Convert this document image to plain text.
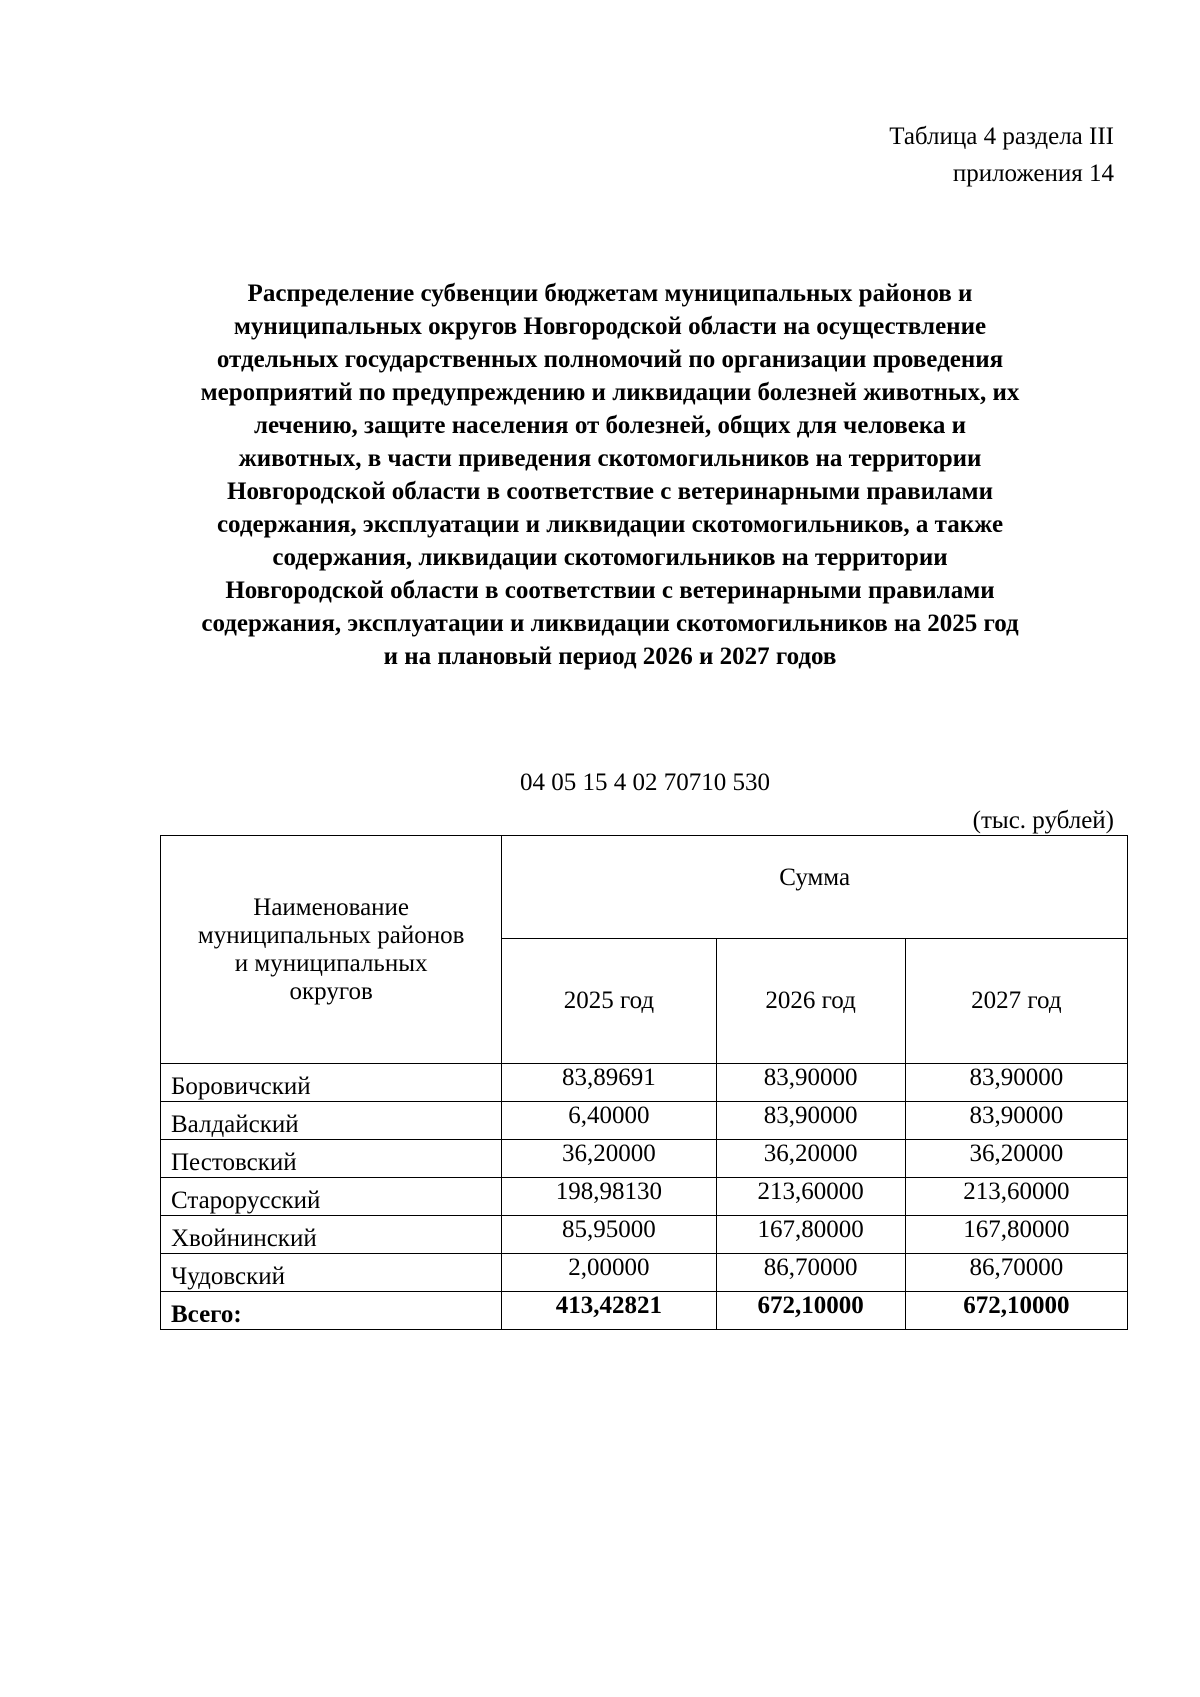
Таблица 4 раздела III
приложения 14
Распределение субвенции бюджетам муниципальных районов и
муниципальных округов Новгородской области на осуществление
отдельных государственных полномочий по организации проведения
мероприятий по предупреждению и ликвидации болезней животных, их
лечению, защите населения от болезней, общих для человека и
животных, в части приведения скотомогильников на территории
Новгородской области в соответствие с ветеринарными правилами
содержания, эксплуатации и ликвидации скотомогильников, а также
содержания, ликвидации скотомогильников на территории
Новгородской области в соответствии с ветеринарными правилами
содержания, эксплуатации и ликвидации скотомогильников на 2025 год
и на плановый период 2026 и 2027 годов
04 05 15 4 02 70710 530
(тыс. рублей)
Наименование
муниципальных районов
и муниципальных
округов	Сумма		
	2025 год	2026 год	2027 год
Боровичский	83,89691	83,90000	83,90000
Валдайский	6,40000	83,90000	83,90000
Пестовский	36,20000	36,20000	36,20000
Старорусский	198,98130	213,60000	213,60000
Хвойнинский	85,95000	167,80000	167,80000
Чудовский	2,00000	86,70000	86,70000
Всего:	413,42821	672,10000	672,10000
